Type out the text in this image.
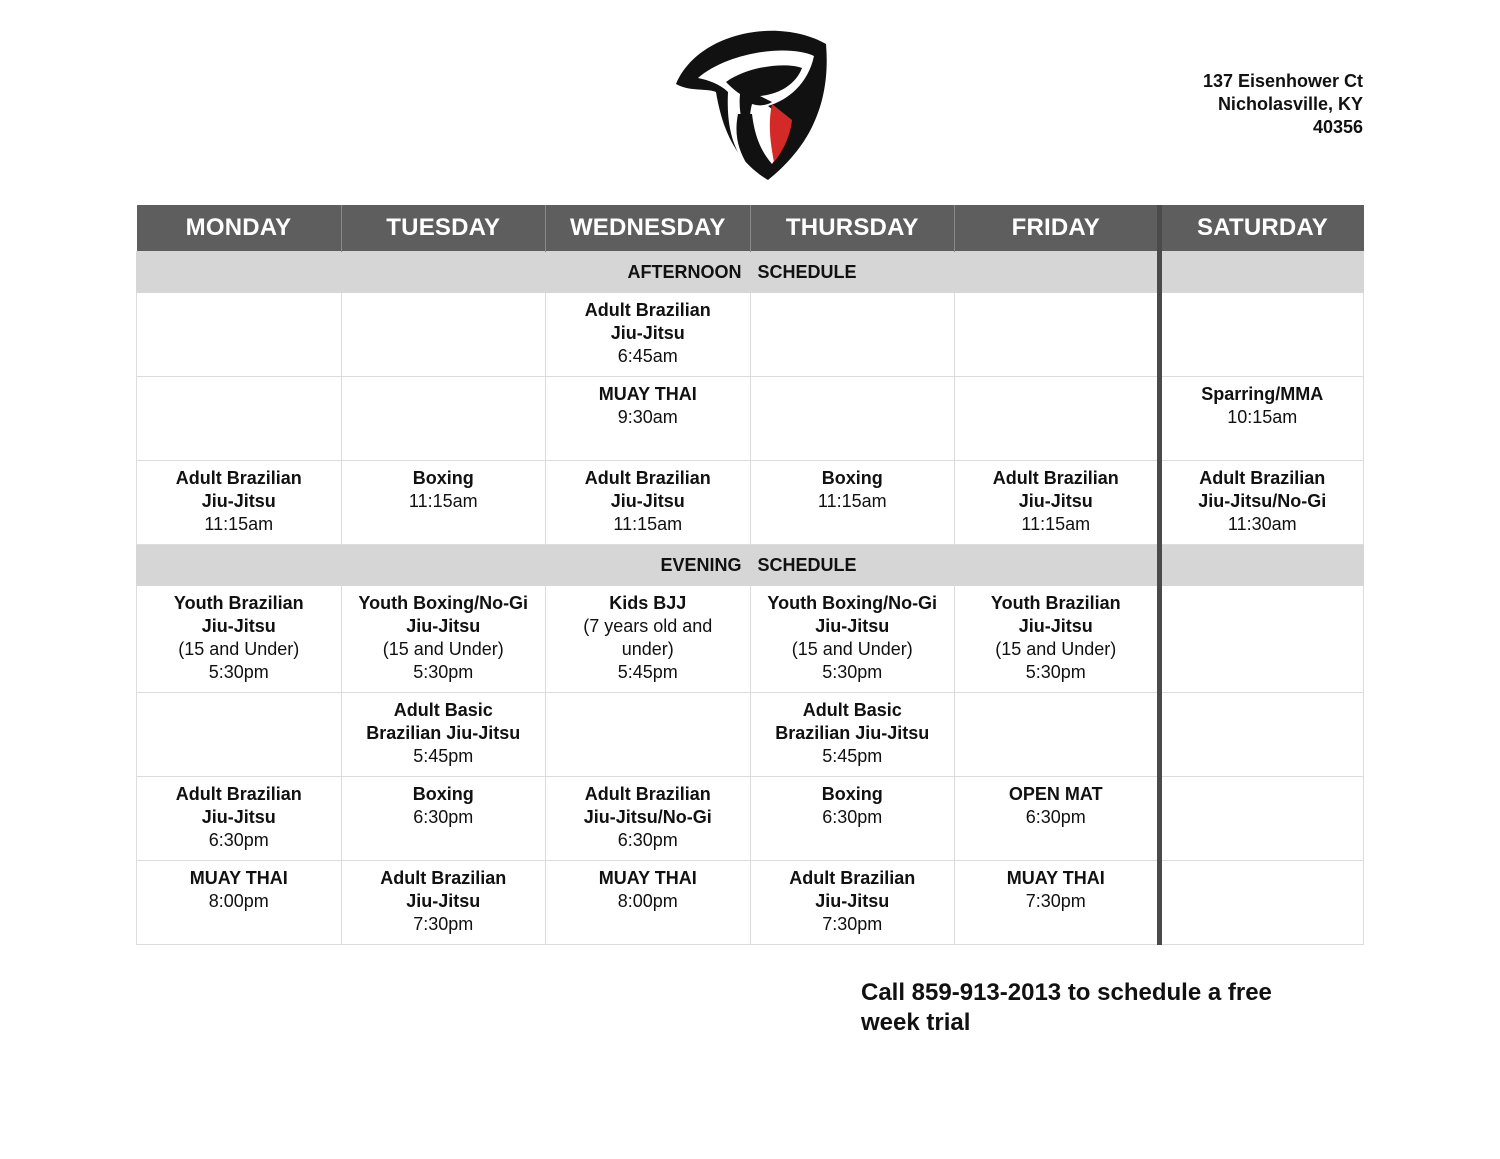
137 Eisenhower Ct
Nicholasville, KY
40356
MONDAY	TUESDAY	WEDNESDAY	THURSDAY	FRIDAY	SATURDAY
		AFTERNOON	SCHEDULE		

		Adult Brazilian
Jiu-Jitsu
6:45am			

		MUAY THAI
9:30am			Sparring/MMA
10:15am

Adult Brazilian
Jiu-Jitsu
11:15am	Boxing
11:15am	Adult Brazilian
Jiu-Jitsu
11:15am	Boxing
11:15am	Adult Brazilian
Jiu-Jitsu
11:15am	Adult Brazilian
Jiu-Jitsu/No-Gi
11:30am

		EVENING	SCHEDULE		

Youth Brazilian
Jiu-Jitsu
(15 and Under)
5:30pm	Youth Boxing/No-Gi
Jiu-Jitsu
(15 and Under)
5:30pm	Kids BJJ
(7 years old and
under)
5:45pm	Youth Boxing/No-Gi
Jiu-Jitsu
(15 and Under)
5:30pm	Youth Brazilian
Jiu-Jitsu
(15 and Under)
5:30pm	

	Adult Basic
Brazilian Jiu-Jitsu
5:45pm		Adult Basic
Brazilian Jiu-Jitsu
5:45pm		

Adult Brazilian
Jiu-Jitsu
6:30pm	Boxing
6:30pm	Adult Brazilian
Jiu-Jitsu/No-Gi
6:30pm	Boxing
6:30pm	OPEN MAT
6:30pm	

MUAY THAI
8:00pm	Adult Brazilian
Jiu-Jitsu
7:30pm	MUAY THAI
8:00pm	Adult Brazilian
Jiu-Jitsu
7:30pm	MUAY THAI
7:30pm	

Call 859-913-2013 to schedule a free week trial
